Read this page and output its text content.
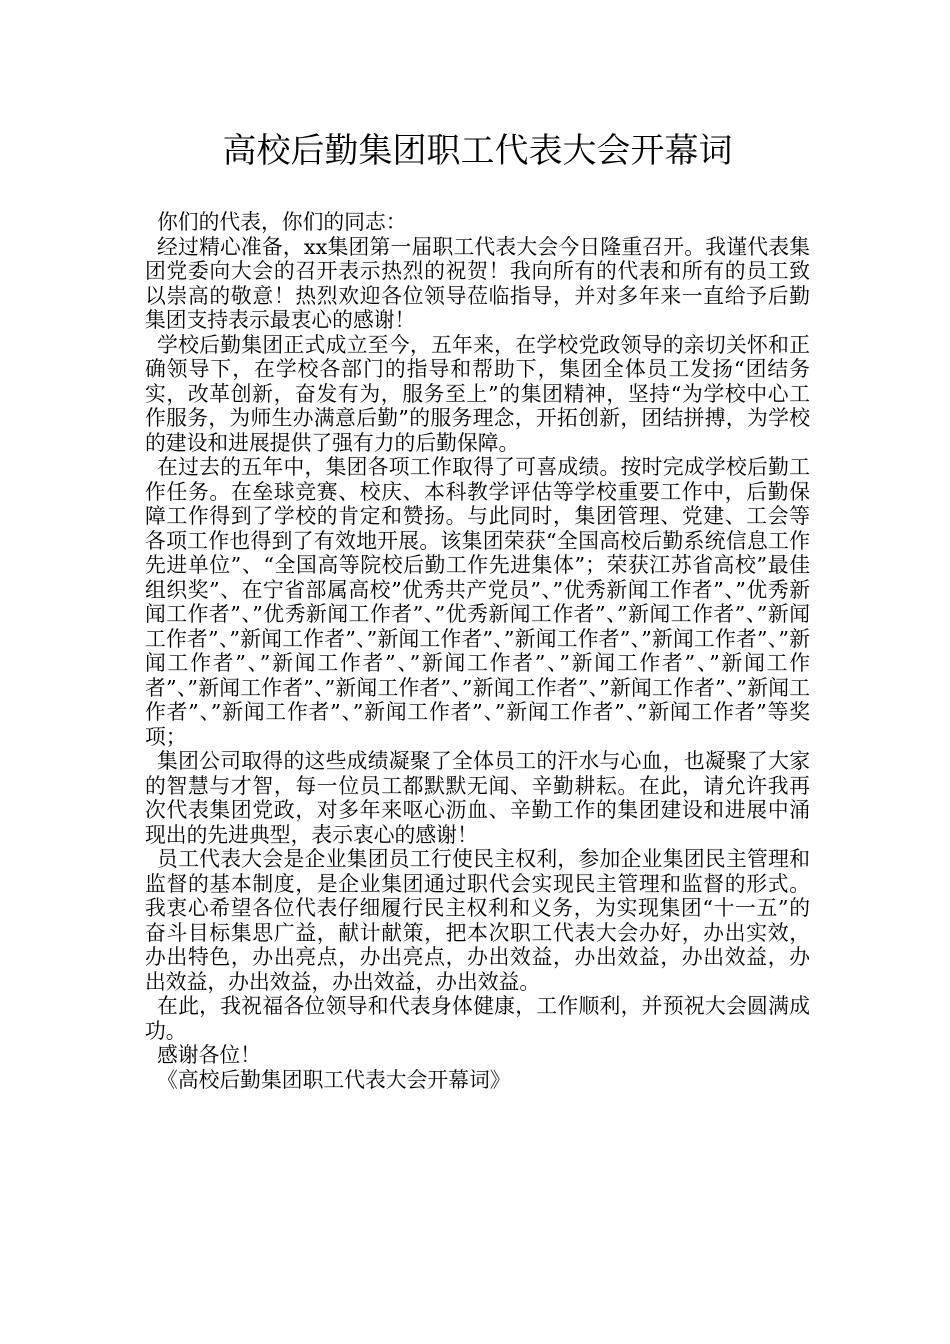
高校后勤集团职工代表大会开幕词

你们的代表，你们的同志：

经过精心准备，xx集团第一届职工代表大会今日隆重召开。我谨代表集团党委向大会的召开表示热烈的祝贺！我向所有的代表和所有的员工致以崇高的敬意！热烈欢迎各位领导莅临指导，并对多年来一直给予后勤集团支持表示最衷心的感谢！

学校后勤集团正式成立至今，五年来，在学校党政领导的亲切关怀和正确领导下，在学校各部门的指导和帮助下，集团全体员工发扬“团结务实，改革创新，奋发有为，服务至上”的集团精神，坚持“为学校中心工作服务，为师生办满意后勤”的服务理念，开拓创新，团结拼搏，为学校的建设和进展提供了强有力的后勤保障。

在过去的五年中，集团各项工作取得了可喜成绩。按时完成学校后勤工作任务。在垒球竞赛、校庆、本科教学评估等学校重要工作中，后勤保障工作得到了学校的肯定和赞扬。与此同时，集团管理、党建、工会等各项工作也得到了有效地开展。该集团荣获“全国高校后勤系统信息工作先进单位”、“全国高等院校后勤工作先进集体”；荣获江苏省高校”最佳组织奖”、在宁省部属高校”优秀共产党员”、”优秀新闻工作者”、”优秀新闻工作者”、”优秀新闻工作者”、”优秀新闻工作者”、”新闻工作者”、”新闻工作者”、”新闻工作者”、”新闻工作者”、”新闻工作者”、”新闻工作者”、”新闻工作者”、”新闻工作者”、”新闻工作者”、”新闻工作者”、”新闻工作者”、”新闻工作者”、”新闻工作者”、”新闻工作者”、”新闻工作者”、”新闻工作者”、”新闻工作者”、”新闻工作者”、”新闻工作者”、”新闻工作者”等奖项；

集团公司取得的这些成绩凝聚了全体员工的汗水与心血，也凝聚了大家的智慧与才智，每一位员工都默默无闻、辛勤耕耘。在此，请允许我再次代表集团党政，对多年来呕心沥血、辛勤工作的集团建设和进展中涌现出的先进典型，表示衷心的感谢！

员工代表大会是企业集团员工行使民主权利，参加企业集团民主管理和监督的基本制度，是企业集团通过职代会实现民主管理和监督的形式。我衷心希望各位代表仔细履行民主权利和义务，为实现集团“十一五”的奋斗目标集思广益，献计献策，把本次职工代表大会办好，办出实效，办出特色，办出亮点，办出亮点，办出效益，办出效益，办出效益，办出效益，办出效益，办出效益，办出效益。

在此，我祝福各位领导和代表身体健康，工作顺利，并预祝大会圆满成功。

感谢各位！

《高校后勤集团职工代表大会开幕词》
